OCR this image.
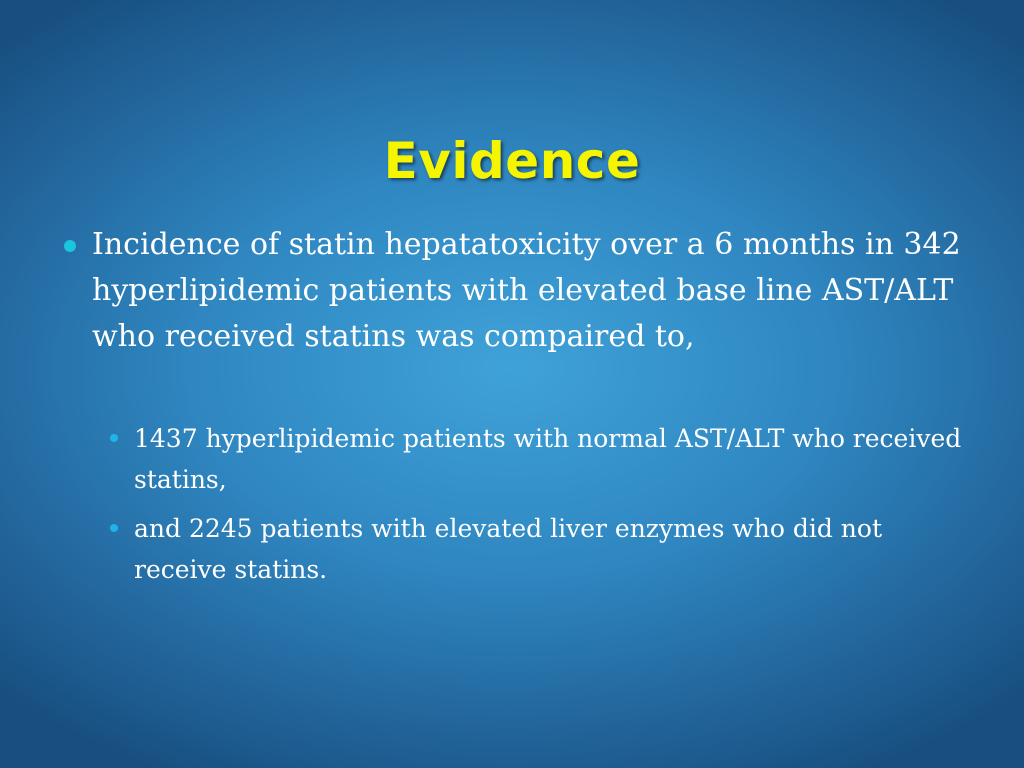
Evidence
Incidence of statin hepatatoxicity over a 6 months in 342  hyperlipidemic patients with elevated base line AST/ALT who received statins was compaired to,
1437 hyperlipidemic patients with normal AST/ALT who received statins,
and 2245 patients with elevated liver enzymes who did not  receive statins.
